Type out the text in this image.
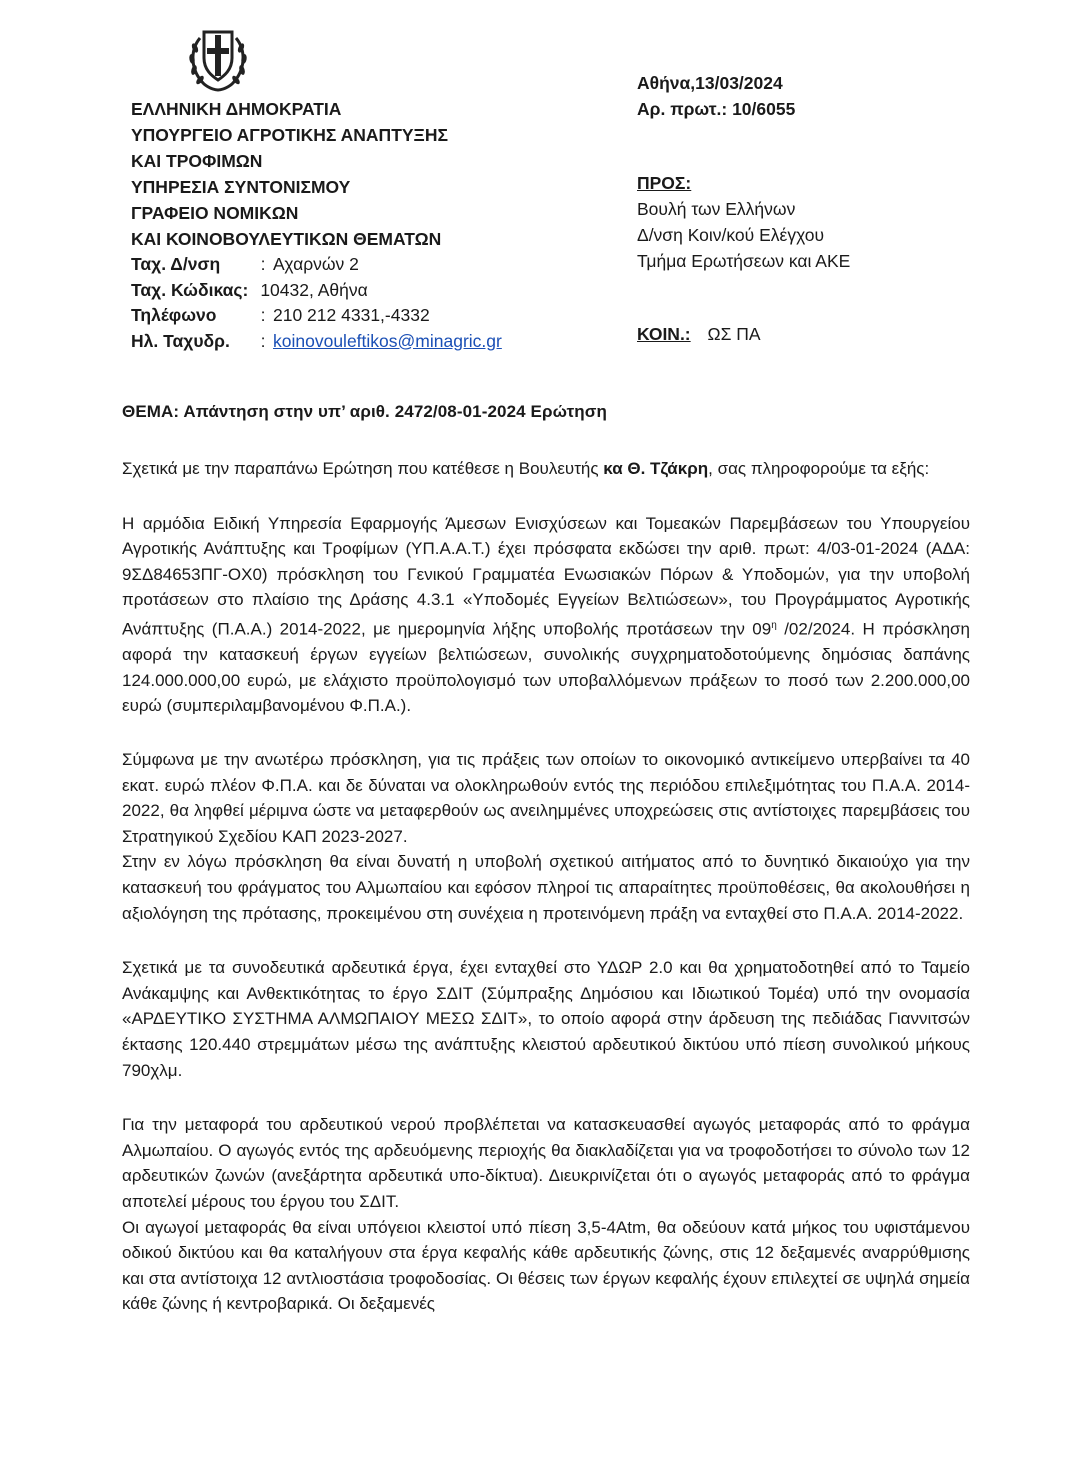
ΕΛΛΗΝΙΚΗ ΔΗΜΟΚΡΑΤΙΑ
ΥΠΟΥΡΓΕΙΟ ΑΓΡΟΤΙΚΗΣ ΑΝΑΠΤΥΞΗΣ
ΚΑΙ ΤΡΟΦΙΜΩΝ
ΥΠΗΡΕΣΙΑ ΣΥΝΤΟΝΙΣΜΟΥ
ΓΡΑΦΕΙΟ ΝΟΜΙΚΩΝ
ΚΑΙ ΚΟΙΝΟΒΟΥΛΕΥΤΙΚΩΝ ΘΕΜΑΤΩΝ
Ταχ. Δ/νση	: Αχαρνών 2
Ταχ. Κώδικας: 10432, Αθήνα
Τηλέφωνο	: 210 212 4331,-4332
Ηλ. Ταχυδρ.	: koinovouleftikos@minagric.gr
Αθήνα,13/03/2024
Αρ. πρωτ.: 10/6055
ΠΡΟΣ:
Βουλή των Ελλήνων
Δ/νση Κοιν/κού Ελέγχου
Τμήμα Ερωτήσεων και ΑΚΕ
ΚΟΙΝ.: ΩΣ ΠΑ
ΘΕΜΑ: Απάντηση στην υπ’ αριθ. 2472/08-01-2024 Ερώτηση

Σχετικά με την παραπάνω Ερώτηση που κατέθεσε η Βουλευτής κα Θ. Τζάκρη, σας πληροφορούμε τα εξής:

Η αρμόδια Ειδική Υπηρεσία Εφαρμογής Άμεσων Ενισχύσεων και Τομεακών Παρεμβάσεων του Υπουργείου Αγροτικής Ανάπτυξης και Τροφίμων (ΥΠ.Α.Α.Τ.) έχει πρόσφατα εκδώσει την αριθ. πρωτ: 4/03-01-2024 (ΑΔΑ: 9ΣΔ84653ΠΓ-ΟΧ0) πρόσκληση του Γενικού Γραμματέα Ενωσιακών Πόρων & Υποδομών, για την υποβολή προτάσεων στο πλαίσιο της Δράσης 4.3.1 «Υποδομές Εγγείων Βελτιώσεων», του Προγράμματος Αγροτικής Ανάπτυξης (Π.Α.Α.) 2014-2022, με ημερομηνία λήξης υποβολής προτάσεων την $09^\eta$ /02/2024. Η πρόσκληση αφορά την κατασκευή έργων εγγείων βελτιώσεων, συνολικής συγχρηματοδοτούμενης δημόσιας δαπάνης 124.000.000,00 ευρώ, με ελάχιστο προϋπολογισμό των υποβαλλόμενων πράξεων το ποσό των 2.200.000,00 ευρώ (συμπεριλαμβανομένου Φ.Π.Α.).

Σύμφωνα με την ανωτέρω πρόσκληση, για τις πράξεις των οποίων το οικονομικό αντικείμενο υπερβαίνει τα 40 εκατ. ευρώ πλέον Φ.Π.Α. και δε δύναται να ολοκληρωθούν εντός της περιόδου επιλεξιμότητας του Π.Α.Α. 2014-2022, θα ληφθεί μέριμνα ώστε να μεταφερθούν ως ανειλημμένες υποχρεώσεις στις αντίστοιχες παρεμβάσεις του Στρατηγικού Σχεδίου ΚΑΠ 2023-2027.

Στην εν λόγω πρόσκληση θα είναι δυνατή η υποβολή σχετικού αιτήματος από το δυνητικό δικαιούχο για την κατασκευή του φράγματος του Αλμωπαίου και εφόσον πληροί τις απαραίτητες προϋποθέσεις, θα ακολουθήσει η αξιολόγηση της πρότασης, προκειμένου στη συνέχεια η προτεινόμενη πράξη να ενταχθεί στο Π.Α.Α. 2014-2022.

Σχετικά με τα συνοδευτικά αρδευτικά έργα, έχει ενταχθεί στο ΥΔΩΡ 2.0 και θα χρηματοδοτηθεί από το Ταμείο Ανάκαμψης και Ανθεκτικότητας το έργο ΣΔΙΤ (Σύμπραξης Δημόσιου και Ιδιωτικού Τομέα) υπό την ονομασία «ΑΡΔΕΥΤΙΚΟ ΣΥΣΤΗΜΑ ΑΛΜΩΠΑΙΟΥ ΜΕΣΩ ΣΔΙΤ», το οποίο αφορά στην άρδευση της πεδιάδας Γιαννιτσών έκτασης 120.440 στρεμμάτων μέσω της ανάπτυξης κλειστού αρδευτικού δικτύου υπό πίεση συνολικού μήκους 790χλμ.

Για την μεταφορά του αρδευτικού νερού προβλέπεται να κατασκευασθεί αγωγός μεταφοράς από το φράγμα Αλμωπαίου. Ο αγωγός εντός της αρδευόμενης περιοχής θα διακλαδίζεται για να τροφοδοτήσει το σύνολο των 12 αρδευτικών ζωνών (ανεξάρτητα αρδευτικά υπο-δίκτυα). Διευκρινίζεται ότι ο αγωγός μεταφοράς από το φράγμα αποτελεί μέρους του έργου του ΣΔΙΤ.

Οι αγωγοί μεταφοράς θα είναι υπόγειοι κλειστοί υπό πίεση 3,5-4Atm, θα οδεύουν κατά μήκος του υφιστάμενου οδικού δικτύου και θα καταλήγουν στα έργα κεφαλής κάθε αρδευτικής ζώνης, στις 12 δεξαμενές αναρρύθμισης και στα αντίστοιχα 12 αντλιοστάσια τροφοδοσίας. Οι θέσεις των έργων κεφαλής έχουν επιλεχτεί σε υψηλά σημεία κάθε ζώνης ή κεντροβαρικά. Οι δεξαμενές
